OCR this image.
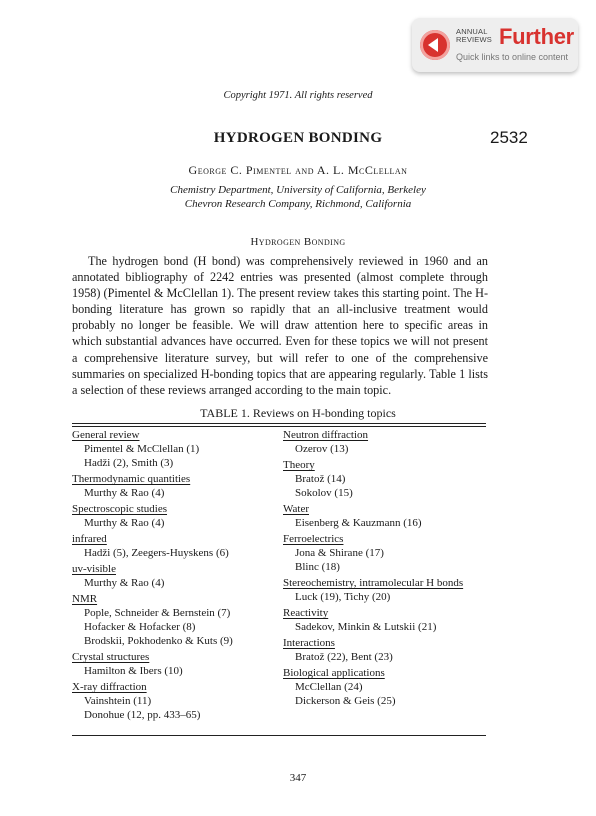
ANNUAL
REVIEWS Further
Quick links to online content
Copyright 1971. All rights reserved
HYDROGEN BONDING	2532
George C. Pimentel and A. L. McClellan
Chemistry Department, University of California, Berkeley
Chevron Research Company, Richmond, California
Hydrogen Bonding
The hydrogen bond (H bond) was comprehensively reviewed in 1960 and an annotated bibliography of 2242 entries was presented (almost complete through 1958) (Pimentel & McClellan 1). The present review takes this starting point. The H-bonding literature has grown so rapidly that an all-inclusive treatment would probably no longer be feasible. We will draw attention here to specific areas in which substantial advances have occurred. Even for these topics we will not present a comprehensive literature survey, but will refer to one of the comprehensive summaries on specialized H-bonding topics that are appearing regularly. Table 1 lists a selection of these reviews arranged according to the main topic.
TABLE 1. Reviews on H-bonding topics
General review
Pimentel & McClellan (1)
Hadži (2), Smith (3)
Thermodynamic quantities
Murthy & Rao (4)
Spectroscopic studies
Murthy & Rao (4)
infrared
Hadži (5), Zeegers-Huyskens (6)
uv-visible
Murthy & Rao (4)
NMR
Pople, Schneider & Bernstein (7)
Hofacker & Hofacker (8)
Brodskii, Pokhodenko & Kuts (9)
Crystal structures
Hamilton & Ibers (10)
X-ray diffraction
Vainshtein (11)
Donohue (12, pp. 433–65)
Neutron diffraction
Ozerov (13)
Theory
Bratož (14)
Sokolov (15)
Water
Eisenberg & Kauzmann (16)
Ferroelectrics
Jona & Shirane (17)
Blinc (18)
Stereochemistry, intramolecular H bonds
Luck (19), Tichy (20)
Reactivity
Sadekov, Minkin & Lutskii (21)
Interactions
Bratož (22), Bent (23)
Biological applications
McClellan (24)
Dickerson & Geis (25)
347
